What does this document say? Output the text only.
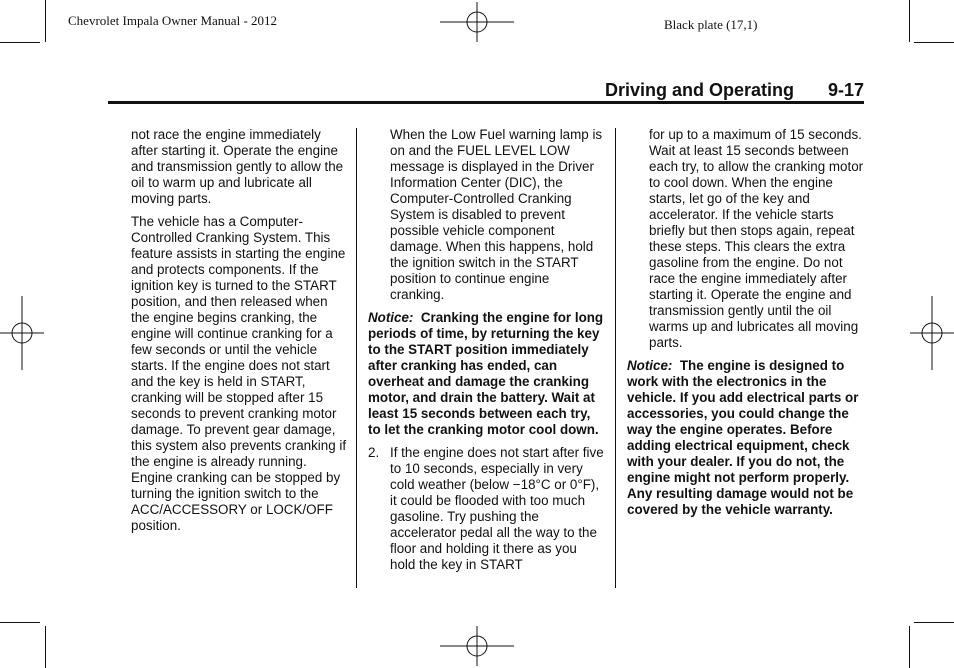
Chevrolet Impala Owner Manual - 2012	Black plate (17,1)
Driving and Operating 9-17

not race the engine immediately after starting it. Operate the engine and transmission gently to allow the oil to warm up and lubricate all moving parts.

The vehicle has a Computer-Controlled Cranking System. This feature assists in starting the engine and protects components. If the ignition key is turned to the START position, and then released when the engine begins cranking, the engine will continue cranking for a few seconds or until the vehicle starts. If the engine does not start and the key is held in START, cranking will be stopped after 15 seconds to prevent cranking motor damage. To prevent gear damage, this system also prevents cranking if the engine is already running. Engine cranking can be stopped by turning the ignition switch to the ACC/ACCESSORY or LOCK/OFF position.

When the Low Fuel warning lamp is on and the FUEL LEVEL LOW message is displayed in the Driver Information Center (DIC), the Computer-Controlled Cranking System is disabled to prevent possible vehicle component damage. When this happens, hold the ignition switch in the START position to continue engine cranking.

Notice: Cranking the engine for long periods of time, by returning the key to the START position immediately after cranking has ended, can overheat and damage the cranking motor, and drain the battery. Wait at least 15 seconds between each try, to let the cranking motor cool down.

2. If the engine does not start after five to 10 seconds, especially in very cold weather (below −18°C or 0°F), it could be flooded with too much gasoline. Try pushing the accelerator pedal all the way to the floor and holding it there as you hold the key in START

for up to a maximum of 15 seconds. Wait at least 15 seconds between each try, to allow the cranking motor to cool down. When the engine starts, let go of the key and accelerator. If the vehicle starts briefly but then stops again, repeat these steps. This clears the extra gasoline from the engine. Do not race the engine immediately after starting it. Operate the engine and transmission gently until the oil warms up and lubricates all moving parts.

Notice: The engine is designed to work with the electronics in the vehicle. If you add electrical parts or accessories, you could change the way the engine operates. Before adding electrical equipment, check with your dealer. If you do not, the engine might not perform properly. Any resulting damage would not be covered by the vehicle warranty.
